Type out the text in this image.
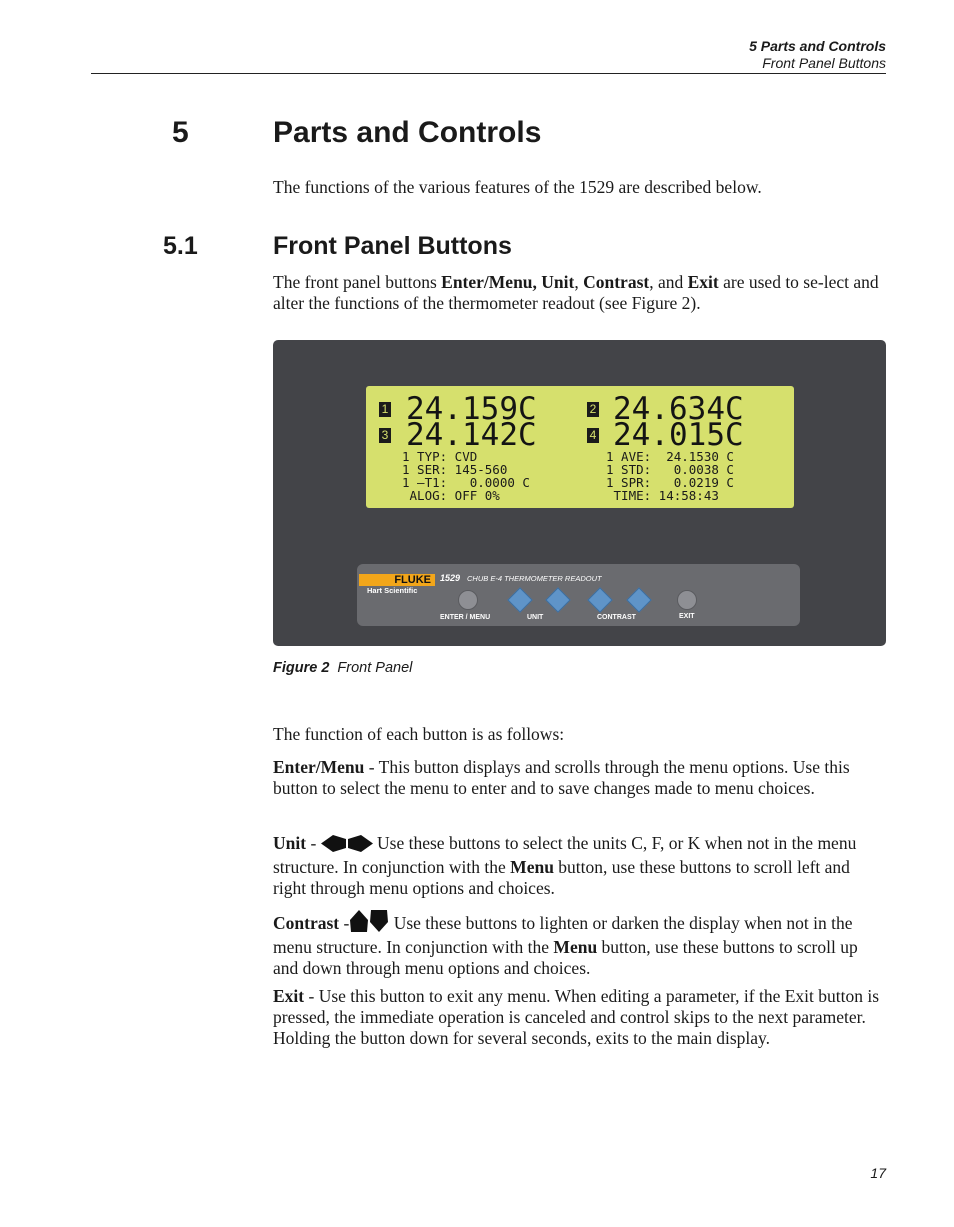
5 Parts and Controls
Front Panel Buttons
5	Parts and Controls
The functions of the various features of the 1529 are described below.
5.1	Front Panel Buttons
The front panel buttons Enter/Menu, Unit, Contrast, and Exit are used to se-lect and alter the functions of the thermometer readout (see Figure 2).
1 24.159C	2 24.634C
3 24.142C	4 24.015C
1 TYP: CVD
1 SER: 145-560
1 –T1:   0.0000 C
ALOG: OFF 0%
1 AVE:  24.1530 C
1 STD:   0.0038 C
1 SPR:   0.0219 C
TIME: 14:58:43
FLUKE
Hart Scientific
1529 CHUB E-4 THERMOMETER READOUT
ENTER / MENU	UNIT	CONTRAST	EXIT
Figure 2 Front Panel
The function of each button is as follows:
Enter/Menu - This button displays and scrolls through the menu options. Use this button to select the menu to enter and to save changes made to menu choices.
Unit -	Use these buttons to select the units C, F, or K when not in the menu structure. In conjunction with the Menu button, use these buttons to scroll left and right through menu options and choices.
Contrast - Use these buttons to lighten or darken the display when not in the menu structure. In conjunction with the Menu button, use these buttons to scroll up and down through menu options and choices.
Exit - Use this button to exit any menu. When editing a parameter, if the Exit button is pressed, the immediate operation is canceled and control skips to the next parameter. Holding the button down for several seconds, exits to the main display.
17
